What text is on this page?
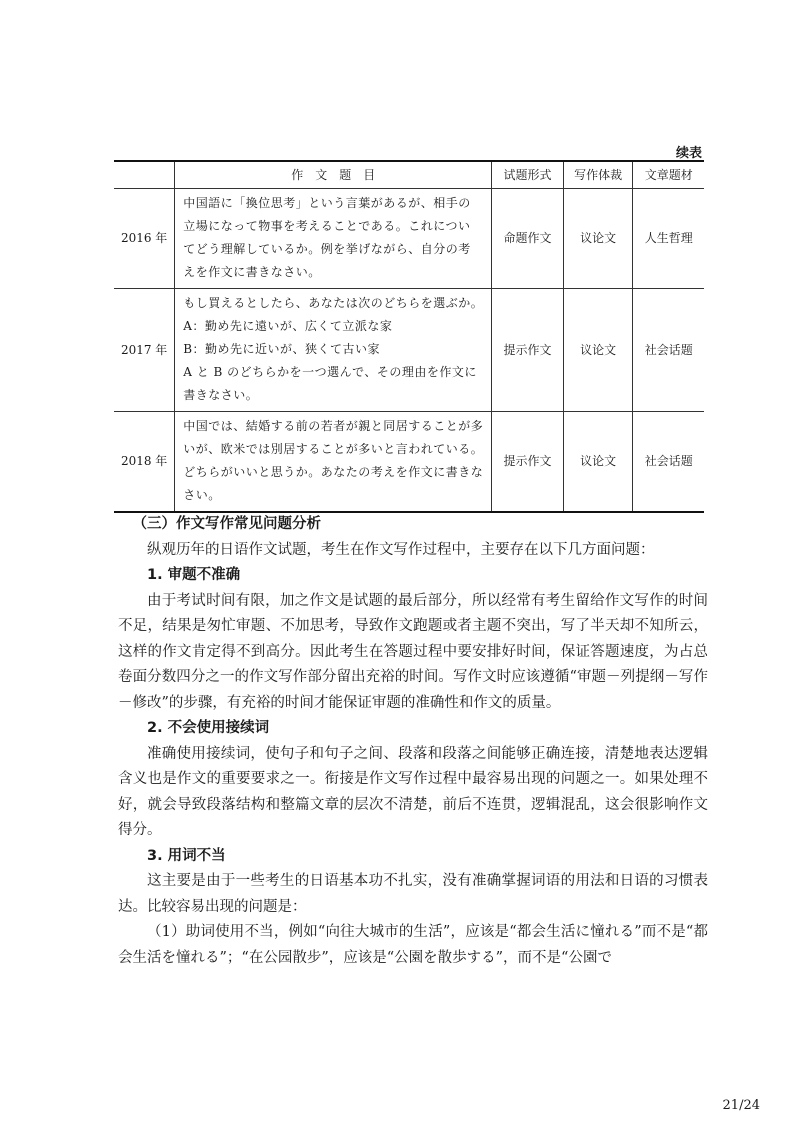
续表
	作　文　题　目	试题形式	写作体裁	文章题材
2016 年	中国語に「換位思考」という言葉があるが、相手の
立場になって物事を考えることである。これについ
てどう理解しているか。例を挙げながら、自分の考
えを作文に書きなさい。	命题作文	议论文	人生哲理
2017 年	もし買えるとしたら、あなたは次のどちらを選ぶか。
A：勤め先に遠いが、広くて立派な家
B：勤め先に近いが、狭くて古い家
A と B のどちらかを一つ選んで、その理由を作文に
書きなさい。	提示作文	议论文	社会话题
2018 年	中国では、結婚する前の若者が親と同居することが多
いが、欧米では別居することが多いと言われている。
どちらがいいと思うか。あなたの考えを作文に書きな
さい。	提示作文	议论文	社会话题

（三）作文写作常见问题分析

纵观历年的日语作文试题，考生在作文写作过程中，主要存在以下几方面问题：

1. 审题不准确

由于考试时间有限，加之作文是试题的最后部分，所以经常有考生留给作文写作的时间不足，结果是匆忙审题、不加思考，导致作文跑题或者主题不突出，写了半天却不知所云，这样的作文肯定得不到高分。因此考生在答题过程中要安排好时间，保证答题速度，为占总卷面分数四分之一的作文写作部分留出充裕的时间。写作文时应该遵循“审题－列提纲－写作－修改”的步骤，有充裕的时间才能保证审题的准确性和作文的质量。

2. 不会使用接续词

准确使用接续词，使句子和句子之间、段落和段落之间能够正确连接，清楚地表达逻辑含义也是作文的重要要求之一。衔接是作文写作过程中最容易出现的问题之一。如果处理不好，就会导致段落结构和整篇文章的层次不清楚，前后不连贯，逻辑混乱，这会很影响作文得分。

3. 用词不当

这主要是由于一些考生的日语基本功不扎实，没有准确掌握词语的用法和日语的习惯表达。比较容易出现的问题是：

（1）助词使用不当，例如“向往大城市的生活”，应该是“都会生活に憧れる”而不是“都会生活を憧れる”；“在公园散步”，应该是“公園を散歩する”，而不是“公園で

21/24
